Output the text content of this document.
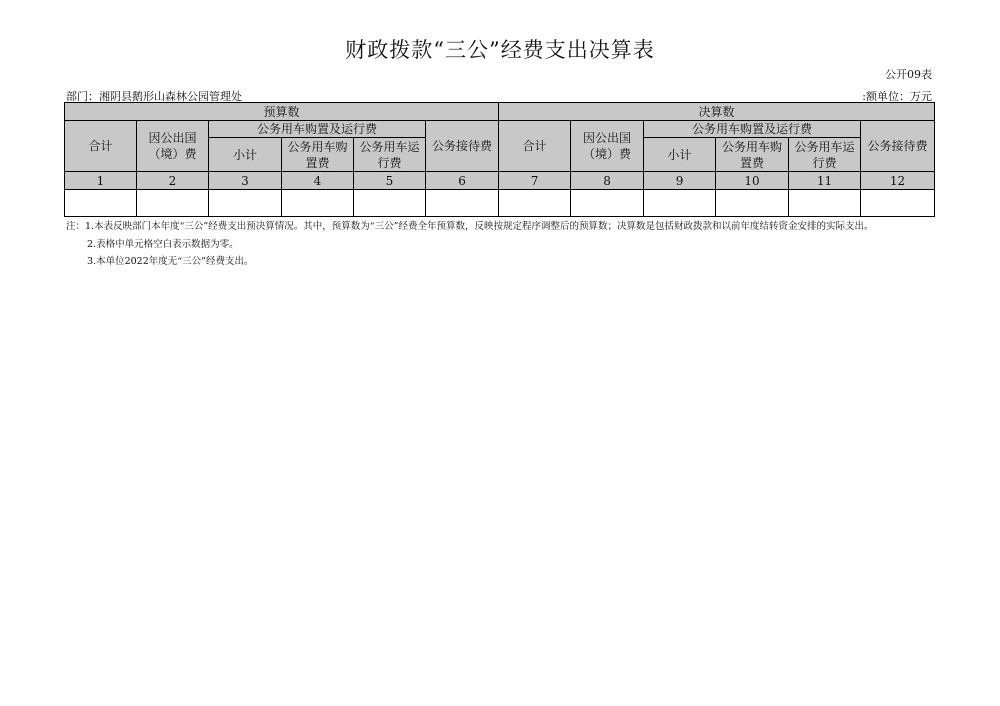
财政拨款“三公”经费支出决算表
公开09表
部门：湘阴县鹅形山森林公园管理处	:额单位：万元
预算数						决算数					
合计	因公出国（境）费	公务用车购置及运行费			公务接待费	合计	因公出国（境）费	公务用车购置及运行费			公务接待费
		小计	公务用车购置费	公务用车运行费				小计	公务用车购置费	公务用车运行费	
1	2	3	4	5	6	7	8	9	10	11	12

注：1.本表反映部门本年度“三公”经费支出预决算情况。其中，预算数为“三公”经费全年预算数，反映按规定程序调整后的预算数；决算数是包括财政拨款和以前年度结转资金安排的实际支出。
2.表格中单元格空白表示数据为零。
3.本单位2022年度无“三公”经费支出。
